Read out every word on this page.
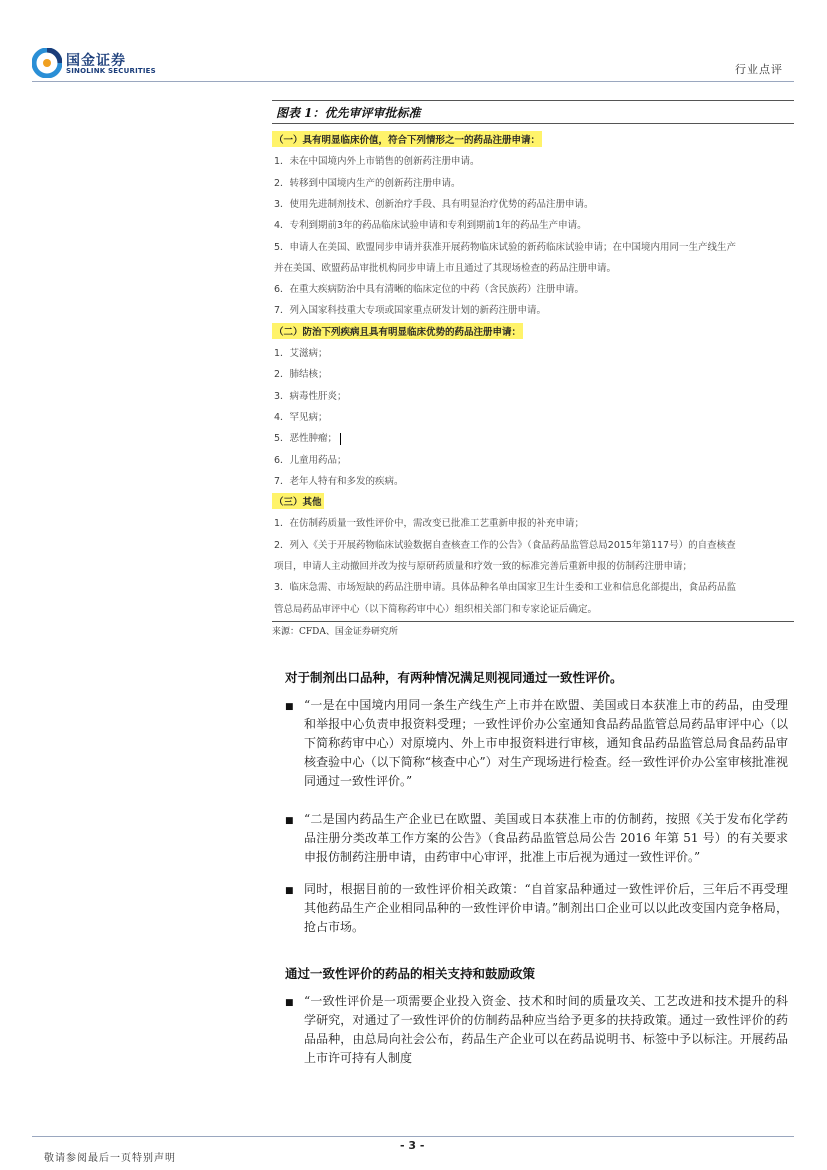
国金证券
SINOLINK SECURITIES	行业点评
图表 1：优先审评审批标准
（一）具有明显临床价值，符合下列情形之一的药品注册申请：
1．未在中国境内外上市销售的创新药注册申请。
2．转移到中国境内生产的创新药注册申请。
3．使用先进制剂技术、创新治疗手段、具有明显治疗优势的药品注册申请。
4．专利到期前3年的药品临床试验申请和专利到期前1年的药品生产申请。
5．申请人在美国、欧盟同步申请并获准开展药物临床试验的新药临床试验申请；在中国境内用同一生产线生产
并在美国、欧盟药品审批机构同步申请上市且通过了其现场检查的药品注册申请。
6．在重大疾病防治中具有清晰的临床定位的中药（含民族药）注册申请。
7．列入国家科技重大专项或国家重点研发计划的新药注册申请。
（二）防治下列疾病且具有明显临床优势的药品注册申请：
1．艾滋病；
2．肺结核；
3．病毒性肝炎；
4．罕见病；
5．恶性肿瘤；
6．儿童用药品；
7．老年人特有和多发的疾病。
（三）其他
1．在仿制药质量一致性评价中，需改变已批准工艺重新申报的补充申请；
2．列入《关于开展药物临床试验数据自查核查工作的公告》（食品药品监管总局2015年第117号）的自查核查
项目，申请人主动撤回并改为按与原研药质量和疗效一致的标准完善后重新申报的仿制药注册申请；
3．临床急需、市场短缺的药品注册申请。具体品种名单由国家卫生计生委和工业和信息化部提出，食品药品监
管总局药品审评中心（以下简称药审中心）组织相关部门和专家论证后确定。
来源：CFDA、国金证券研究所
对于制剂出口品种，有两种情况满足则视同通过一致性评价。
■ “一是在中国境内用同一条生产线生产上市并在欧盟、美国或日本获准上市的药品，由受理和举报中心负责申报资料受理；一致性评价办公室通知食品药品监管总局药品审评中心（以下简称药审中心）对原境内、外上市申报资料进行审核，通知食品药品监管总局食品药品审核查验中心（以下简称“核查中心”）对生产现场进行检查。经一致性评价办公室审核批准视同通过一致性评价。”
■ “二是国内药品生产企业已在欧盟、美国或日本获准上市的仿制药，按照《关于发布化学药品注册分类改革工作方案的公告》（食品药品监管总局公告 2016 年第 51 号）的有关要求申报仿制药注册申请，由药审中心审评，批准上市后视为通过一致性评价。”
■ 同时，根据目前的一致性评价相关政策：“自首家品种通过一致性评价后，三年后不再受理其他药品生产企业相同品种的一致性评价申请。”制剂出口企业可以以此改变国内竞争格局，抢占市场。
通过一致性评价的药品的相关支持和鼓励政策
■ “一致性评价是一项需要企业投入资金、技术和时间的质量攻关、工艺改进和技术提升的科学研究，对通过了一致性评价的仿制药品种应当给予更多的扶持政策。通过一致性评价的药品品种，由总局向社会公布，药品生产企业可以在药品说明书、标签中予以标注。开展药品上市许可持有人制度
- 3 -
敬请参阅最后一页特别声明
